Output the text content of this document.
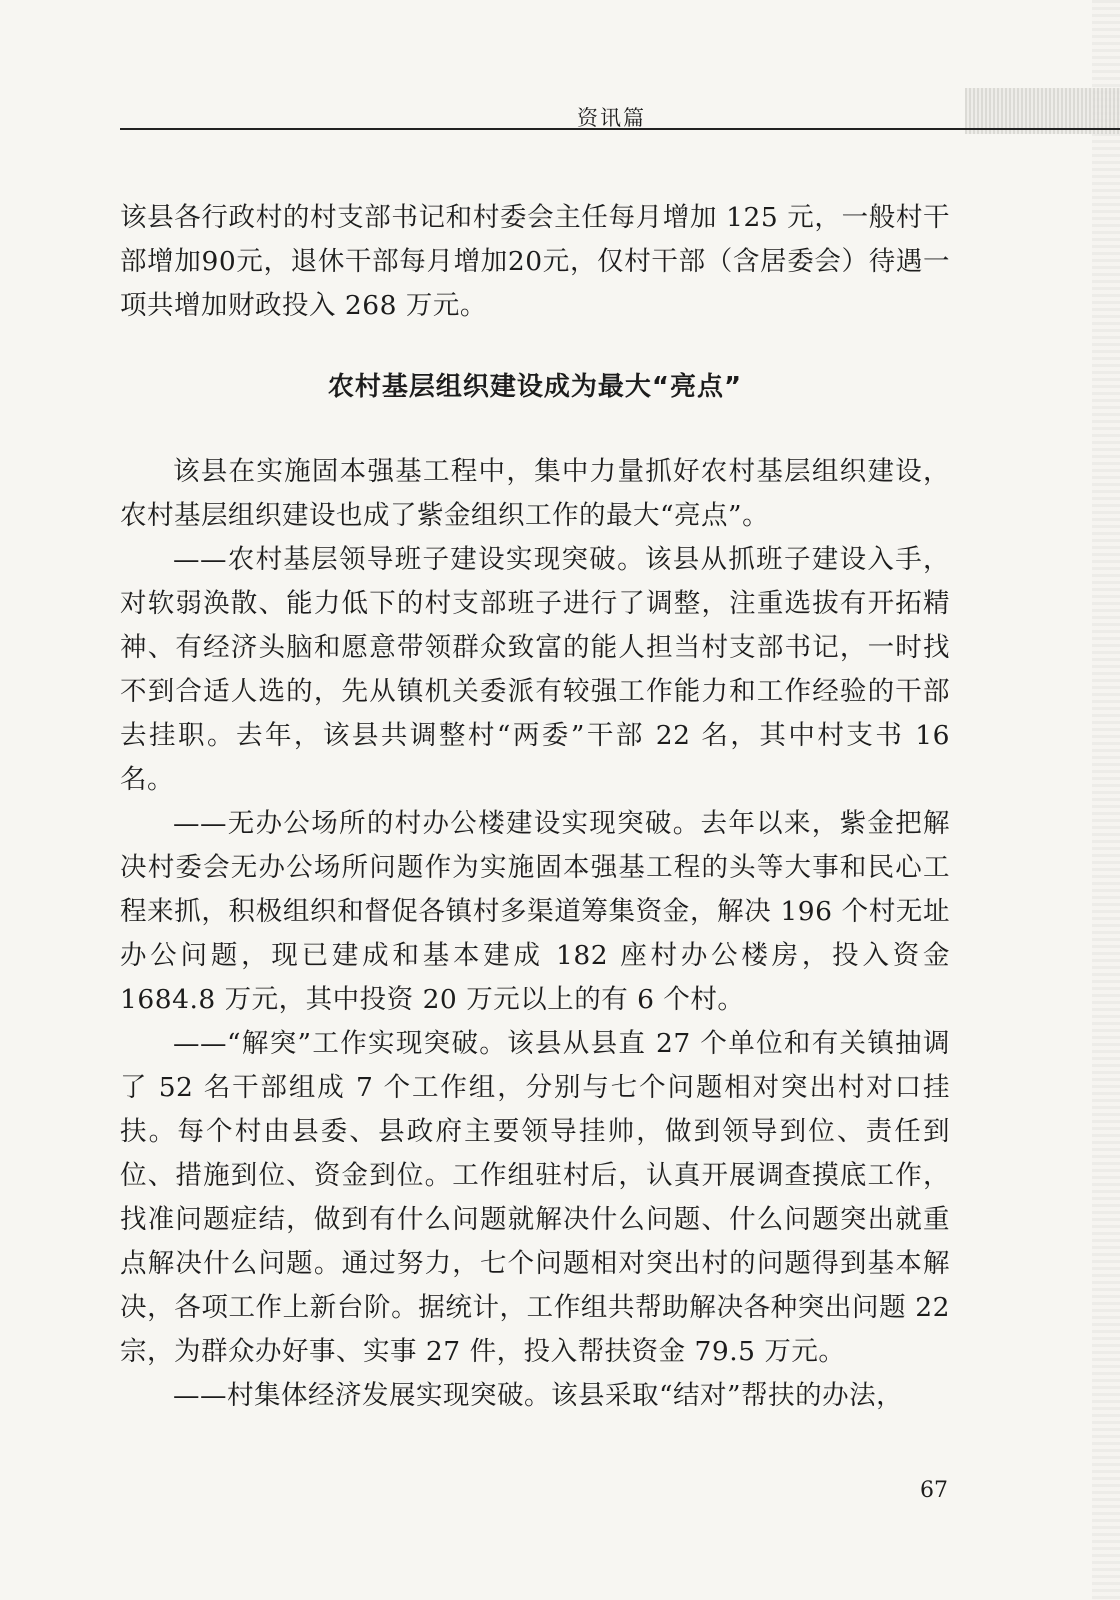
资讯篇

该县各行政村的村支部书记和村委会主任每月增加 125 元，一般村干部增加90元，退休干部每月增加20元，仅村干部（含居委会）待遇一项共增加财政投入 268 万元。

农村基层组织建设成为最大“亮点”

该县在实施固本强基工程中，集中力量抓好农村基层组织建设，农村基层组织建设也成了紫金组织工作的最大“亮点”。

——农村基层领导班子建设实现突破。该县从抓班子建设入手，对软弱涣散、能力低下的村支部班子进行了调整，注重选拔有开拓精神、有经济头脑和愿意带领群众致富的能人担当村支部书记，一时找不到合适人选的，先从镇机关委派有较强工作能力和工作经验的干部去挂职。去年，该县共调整村“两委”干部 22 名，其中村支书 16 名。

——无办公场所的村办公楼建设实现突破。去年以来，紫金把解决村委会无办公场所问题作为实施固本强基工程的头等大事和民心工程来抓，积极组织和督促各镇村多渠道筹集资金，解决 196 个村无址办公问题，现已建成和基本建成 182 座村办公楼房，投入资金 1684.8 万元，其中投资 20 万元以上的有 6 个村。

——“解突”工作实现突破。该县从县直 27 个单位和有关镇抽调了 52 名干部组成 7 个工作组，分别与七个问题相对突出村对口挂扶。每个村由县委、县政府主要领导挂帅，做到领导到位、责任到位、措施到位、资金到位。工作组驻村后，认真开展调查摸底工作，找准问题症结，做到有什么问题就解决什么问题、什么问题突出就重点解决什么问题。通过努力，七个问题相对突出村的问题得到基本解决，各项工作上新台阶。据统计，工作组共帮助解决各种突出问题 22 宗，为群众办好事、实事 27 件，投入帮扶资金 79.5 万元。

——村集体经济发展实现突破。该县采取“结对”帮扶的办法，

67
